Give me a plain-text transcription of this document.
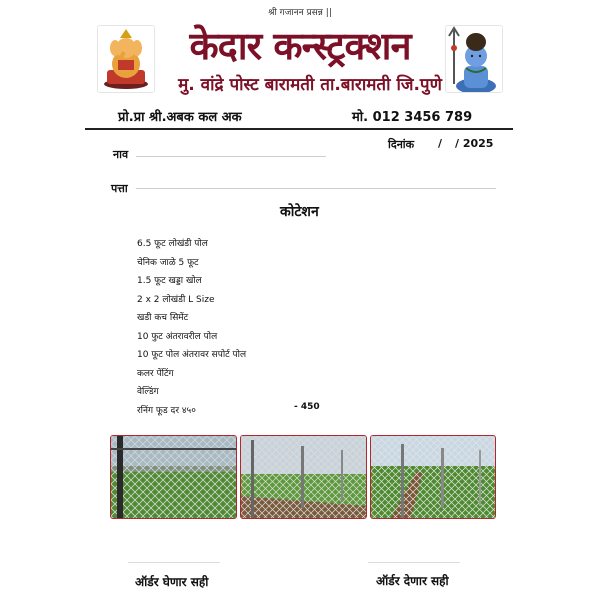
श्री गजानन प्रसन्न ||
केदार कन्स्ट्रक्शन
मु. वांद्रे पोस्ट बारामती ता.बारामती जि.पुणे
प्रो.प्रा श्री.अबक कल अक	मो. 012 3456 789
दिनांक / / 2025
नाव
पत्ता
कोटेशन
6.5 फूट लोखंडी पोल
चेनिक जाळे 5 फूट
1.5 फूट खड्डा खोल
2 x 2 लोखंडी L Size
खडी कच सिमेंट
10 फुट अंतरावरील पोल
10 फूट पोल अंतरावर सपोर्ट पोल
कलर पेंटिंग
वेल्डिंग
रनिंग फूड दर ४५०	- 450
ऑर्डर घेणार सही	ऑर्डर देणार सही
